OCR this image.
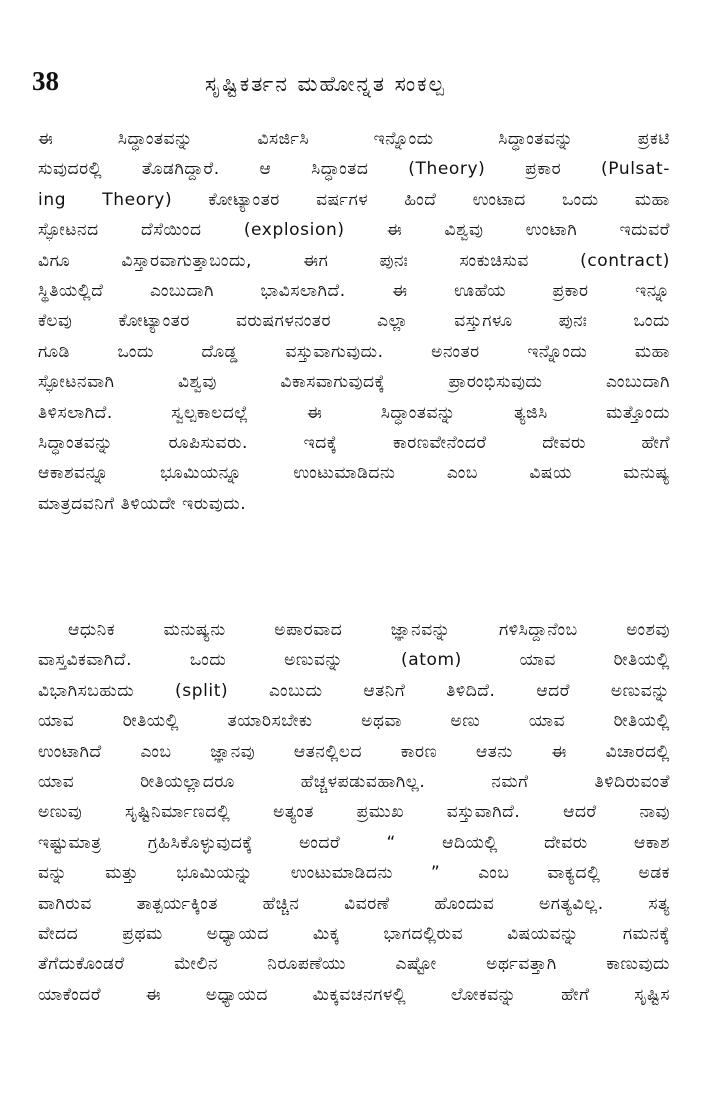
38	ಸೃಷ್ಟಿಕರ್ತನ ಮಹೋನ್ನತ ಸಂಕಲ್ಪ
ಈ ಸಿದ್ಧಾಂತವನ್ನು ವಿಸರ್ಜಿಸಿ ಇನ್ನೊಂದು ಸಿದ್ಧಾಂತವನ್ನು ಪ್ರಕಟಿ
ಸುವುದರಲ್ಲಿ ತೊಡಗಿದ್ದಾರೆ. ಆ ಸಿದ್ಧಾಂತದ (Theory) ಪ್ರಕಾರ (Pulsat-
ing Theory) ಕೋಟ್ಯಾಂತರ ವರ್ಷಗಳ ಹಿಂದೆ ಉಂಟಾದ ಒಂದು ಮಹಾ
ಸ್ಫೋಟನದ ದೆಸೆಯಿಂದ (explosion) ಈ ವಿಶ್ವವು ಉಂಟಾಗಿ ಇದುವರೆ
ವಿಗೂ ವಿಸ್ತಾರವಾಗುತ್ತಾಬಂದು, ಈಗ ಪುನಃ ಸಂಕುಚಿಸುವ (contract)
ಸ್ಥಿತಿಯಲ್ಲಿದೆ ಎಂಬುದಾಗಿ ಭಾವಿಸಲಾಗಿದೆ. ಈ ಊಹೆಯ ಪ್ರಕಾರ ಇನ್ನೂ
ಕೆಲವು ಕೋಟ್ಯಾಂತರ ವರುಷಗಳನಂತರ ಎಲ್ಲಾ ವಸ್ತುಗಳೂ ಪುನಃ ಒಂದು
ಗೂಡಿ ಒಂದು ದೊಡ್ಡ ವಸ್ತುವಾಗುವುದು. ಅನಂತರ ಇನ್ನೊಂದು ಮಹಾ
ಸ್ಫೋಟನವಾಗಿ ವಿಶ್ವವು ವಿಕಾಸವಾಗುವುದಕ್ಕೆ ಪ್ರಾರಂಭಿಸುವುದು ಎಂಬುದಾಗಿ
ತಿಳಿಸಲಾಗಿದೆ. ಸ್ವಲ್ಪಕಾಲದಲ್ಲೆ ಈ ಸಿದ್ಧಾಂತವನ್ನು ತ್ಯಜಿಸಿ ಮತ್ತೊಂದು
ಸಿದ್ಧಾಂತವನ್ನು ರೂಪಿಸುವರು. ಇದಕ್ಕೆ ಕಾರಣವೇನೆಂದರೆ ದೇವರು ಹೇಗೆ
ಆಕಾಶವನ್ನೂ ಭೂಮಿಯನ್ನೂ ಉಂಟುಮಾಡಿದನು ಎಂಬ ವಿಷಯ ಮನುಷ್ಯ
ಮಾತ್ರದವನಿಗೆ ತಿಳಿಯದೇ ಇರುವುದು.
ಆಧುನಿಕ ಮನುಷ್ಯನು ಅಪಾರವಾದ ಜ್ಞಾನವನ್ನು ಗಳಿಸಿದ್ದಾನೆಂಬ ಅಂಶವು
ವಾಸ್ತವಿಕವಾಗಿದೆ. ಒಂದು ಅಣುವನ್ನು (atom) ಯಾವ ರೀತಿಯಲ್ಲಿ
ವಿಭಾಗಿಸಬಹುದು (split) ಎಂಬುದು ಆತನಿಗೆ ತಿಳಿದಿದೆ. ಆದರೆ ಅಣುವನ್ನು
ಯಾವ ರೀತಿಯಲ್ಲಿ ತಯಾರಿಸಬೇಕು ಅಥವಾ ಅಣು ಯಾವ ರೀತಿಯಲ್ಲಿ
ಉಂಟಾಗಿದೆ ಎಂಬ ಜ್ಞಾನವು ಆತನಲ್ಲಿಲದ ಕಾರಣ ಆತನು ಈ ವಿಚಾರದಲ್ಲಿ
ಯಾವ ರೀತಿಯಲ್ಲಾದರೂ ಹೆಚ್ಚಳಪಡುವಹಾಗಿಲ್ಲ. ನಮಗೆ ತಿಳಿದಿರುವಂತೆ
ಅಣುವು ಸೃಷ್ಟಿನಿರ್ಮಾಣದಲ್ಲಿ ಅತ್ಯಂತ ಪ್ರಮುಖ ವಸ್ತುವಾಗಿದೆ. ಆದರೆ ನಾವು
ಇಷ್ಟುಮಾತ್ರ ಗ್ರಹಿಸಿಕೊಳ್ಳುವುದಕ್ಕೆ ಅಂದರೆ “ ಆದಿಯಲ್ಲಿ ದೇವರು ಆಕಾಶ
ವನ್ನು ಮತ್ತು ಭೂಮಿಯನ್ನು ಉಂಟುಮಾಡಿದನು ” ಎಂಬ ವಾಕ್ಯದಲ್ಲಿ ಅಡಕ
ವಾಗಿರುವ ತಾತ್ಪರ್ಯಕ್ಕಿಂತ ಹೆಚ್ಚಿನ ವಿವರಣೆ ಹೊಂದುವ ಅಗತ್ಯವಿಲ್ಲ. ಸತ್ಯ
ವೇದದ ಪ್ರಥಮ ಅಧ್ಯಾಯದ ಮಿಕ್ಕ ಭಾಗದಲ್ಲಿರುವ ವಿಷಯವನ್ನು ಗಮನಕ್ಕೆ
ತೆಗೆದುಕೊಂಡರೆ ಮೇಲಿನ ನಿರೂಪಣೆಯು ಎಷ್ಟೋ ಅರ್ಥವತ್ತಾಗಿ ಕಾಣುವುದು
ಯಾಕೆಂದರೆ ಈ ಅಧ್ಯಾಯದ ಮಿಕ್ಕವಚನಗಳಲ್ಲಿ ಲೋಕವನ್ನು ಹೇಗೆ ಸೃಷ್ಟಿಸ
